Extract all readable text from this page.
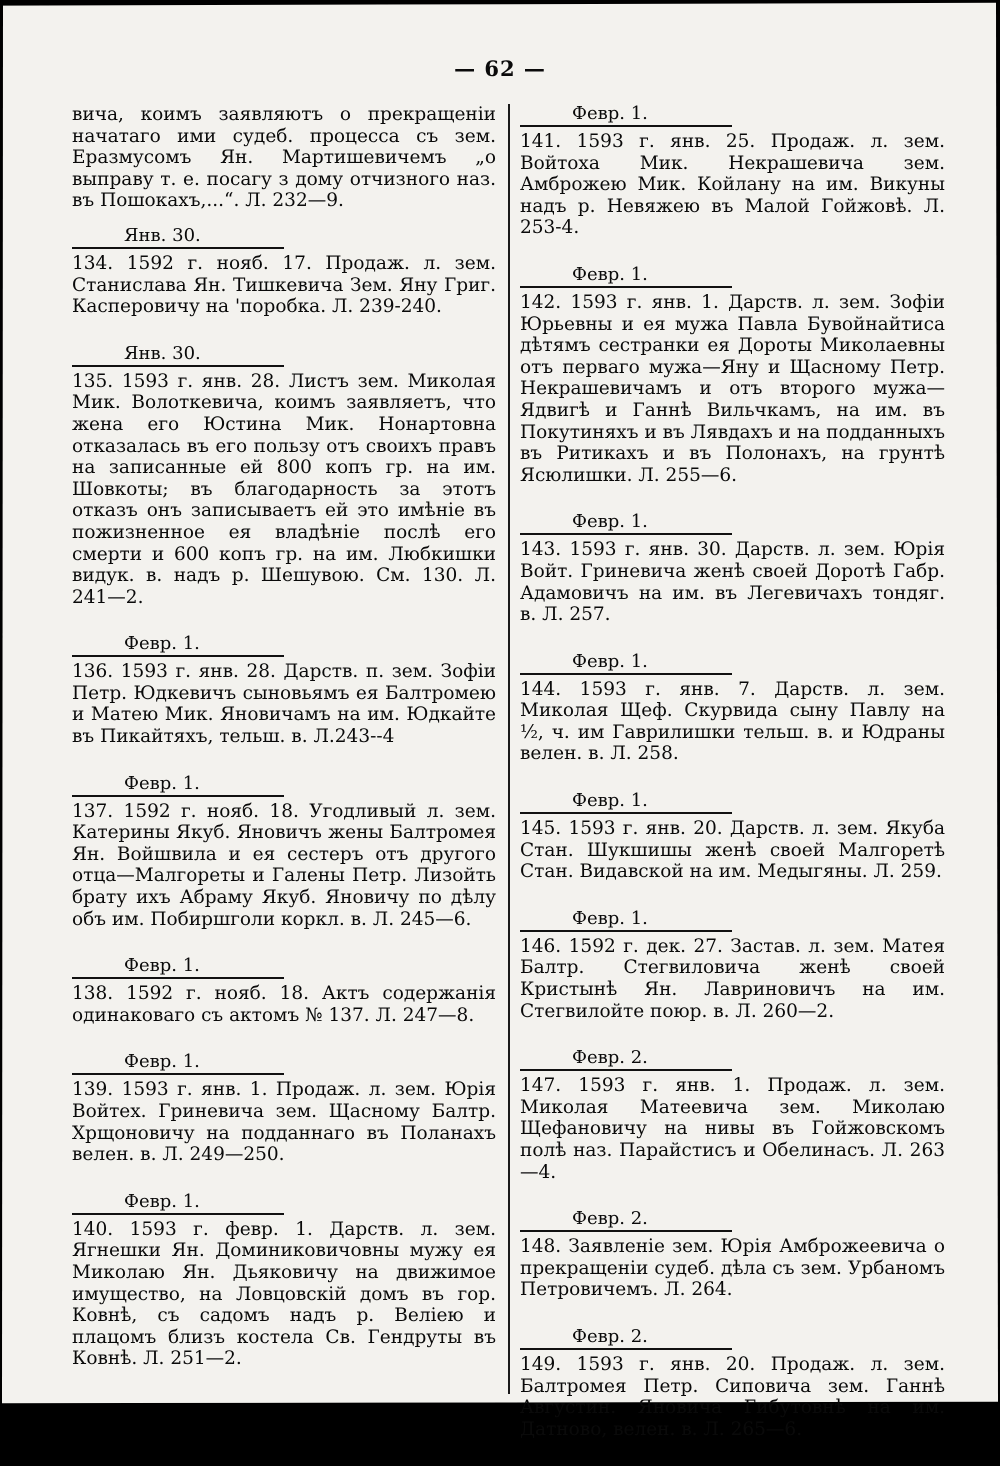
— 62 —

вича, коимъ заявляютъ о прекращеніи начатаго ими судеб. процесса съ зем. Еразмусомъ Ян. Мартишевичемъ „о выправу т. е. посагу з дому отчизного наз. въ Пошокахъ,...“. Л. 232—9.

Янв. 30.

134. 1592 г. нояб. 17. Продаж. л. зем. Станислава Ян. Тишкевича Зем. Яну Григ. Касперовичу на 'поробка. Л. 239-240.

Янв. 30.

135. 1593 г. янв. 28. Листъ зем. Миколая Мик. Волоткевича, коимъ заявляетъ, что жена его Юстина Мик. Нонартовна отказалась въ его пользу отъ своихъ правъ на записанные ей 800 копъ гр. на им. Шовкоты; въ благодарность за этотъ отказъ онъ записываетъ ей это имѣніе въ пожизненное ея владѣніе послѣ его смерти и 600 копъ гр. на им. Любкишки видук. в. надъ р. Шешувою. См. 130. Л. 241—2.

Февр. 1.

136. 1593 г. янв. 28. Дарств. п. зем. Зофіи Петр. Юдкевичъ сыновьямъ ея Балтромею и Матею Мик. Яновичамъ на им. Юдкайте въ Пикайтяхъ, тельш. в. Л.243--4

Февр. 1.

137. 1592 г. нояб. 18. Угодливый л. зем. Катерины Якуб. Яновичъ жены Балтромея Ян. Войшвила и ея сестеръ отъ другого отца—Малгореты и Галены Петр. Лизойть брату ихъ Абраму Якуб. Яновичу по дѣлу объ им. Побиршголи коркл. в. Л. 245—6.

Февр. 1.

138. 1592 г. нояб. 18. Актъ содержанія одинаковаго съ актомъ № 137. Л. 247—8.

Февр. 1.

139. 1593 г. янв. 1. Продаж. л. зем. Юрія Войтех. Гриневича зем. Щасному Балтр. Хрщоновичу на подданнаго въ Поланахъ велен. в. Л. 249—250.

Февр. 1.

140. 1593 г. февр. 1. Дарств. л. зем. Ягнешки Ян. Доминиковичовны мужу ея Миколаю Ян. Дьяковичу на движимое имущество, на Ловцовскій домъ въ гор. Ковнѣ, съ садомъ надъ р. Веліею и плацомъ близъ костела Св. Гендруты въ Ковнѣ. Л. 251—2.

Февр. 1.

141. 1593 г. янв. 25. Продаж. л. зем. Войтоха Мик. Некрашевича зем. Амброжею Мик. Койлану на им. Викуны надъ р. Невяжею въ Малой Гойжовѣ. Л. 253-4.

Февр. 1.

142. 1593 г. янв. 1. Дарств. л. зем. Зофіи Юрьевны и ея мужа Павла Бувойнайтиса дѣтямъ сестранки ея Дороты Миколаевны отъ перваго мужа—Яну и Щасному Петр. Некрашевичамъ и отъ второго мужа—Ядвигѣ и Ганнѣ Вильчкамъ, на им. въ Покутиняхъ и въ Лявдахъ и на подданныхъ въ Ритикахъ и въ Полонахъ, на грунтѣ Ясюлишки. Л. 255—6.

Февр. 1.

143. 1593 г. янв. 30. Дарств. л. зем. Юрія Войт. Гриневича женѣ своей Доротѣ Габр. Адамовичъ на им. въ Легевичахъ тондяг. в. Л. 257.

Февр. 1.

144. 1593 г. янв. 7. Дарств. л. зем. Миколая Щеф. Скурвида сыну Павлу на ½, ч. им Гаврилишки тельш. в. и Юдраны велен. в. Л. 258.

Февр. 1.

145. 1593 г. янв. 20. Дарств. л. зем. Якуба Стан. Шукшишы женѣ своей Малгоретѣ Стан. Видавской на им. Медыгяны. Л. 259.

Февр. 1.

146. 1592 г. дек. 27. Застав. л. зем. Матея Балтр. Стегвиловича женѣ своей Кристынѣ Ян. Лавриновичъ на им. Стегвилойте поюр. в. Л. 260—2.

Февр. 2.

147. 1593 г. янв. 1. Продаж. л. зем. Миколая Матеевича зем. Миколаю Щефановичу на нивы въ Гойжовскомъ полѣ наз. Парайстисъ и Обелинасъ. Л. 263—4.

Февр. 2.

148. Заявленіе зем. Юрія Амброжеевича о прекращеніи судеб. дѣла съ зем. Урбаномъ Петровичемъ. Л. 264.

Февр. 2.

149. 1593 г. янв. 20. Продаж. л. зем. Балтромея Петр. Сиповича зем. Ганнѣ Августин. Яновича Гибутовнѣ на им. Датново, велен. в. Л. 265—6.
